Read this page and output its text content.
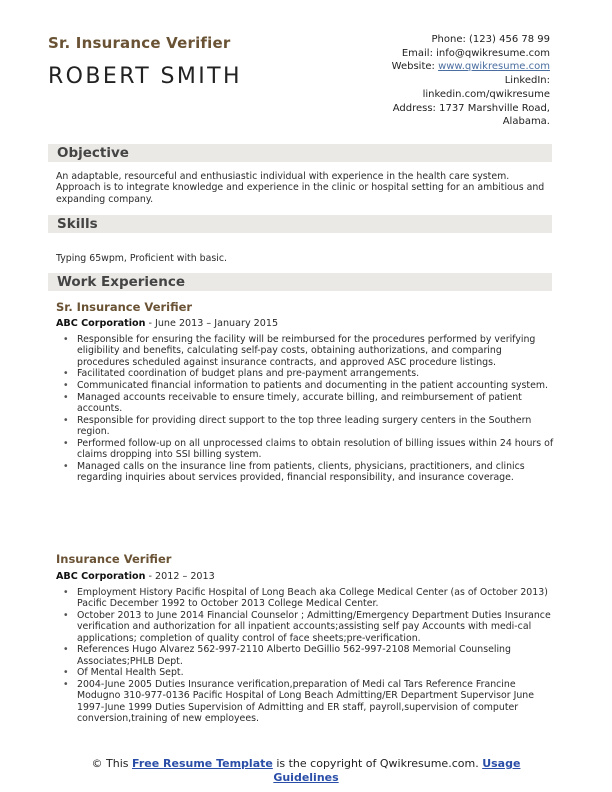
Sr. Insurance Verifier
ROBERT SMITH
Phone: (123) 456 78 99
Email: info@qwikresume.com
Website: www.qwikresume.com
LinkedIn:
linkedin.com/qwikresume
Address: 1737 Marshville Road,
Alabama.
Objective
An adaptable, resourceful and enthusiastic individual with experience in the health care system. Approach is to integrate knowledge and experience in the clinic or hospital setting for an ambitious and expanding company.
Skills
Typing 65wpm, Proficient with basic.
Work Experience
Sr. Insurance Verifier
ABC Corporation - June 2013 – January 2015
• Responsible for ensuring the facility will be reimbursed for the procedures performed by verifying eligibility and benefits, calculating self-pay costs, obtaining authorizations, and comparing procedures scheduled against insurance contracts, and approved ASC procedure listings.
• Facilitated coordination of budget plans and pre-payment arrangements.
• Communicated financial information to patients and documenting in the patient accounting system.
• Managed accounts receivable to ensure timely, accurate billing, and reimbursement of patient accounts.
• Responsible for providing direct support to the top three leading surgery centers in the Southern region.
• Performed follow-up on all unprocessed claims to obtain resolution of billing issues within 24 hours of claims dropping into SSI billing system.
• Managed calls on the insurance line from patients, clients, physicians, practitioners, and clinics regarding inquiries about services provided, financial responsibility, and insurance coverage.
Insurance Verifier
ABC Corporation - 2012 – 2013
• Employment History Pacific Hospital of Long Beach aka College Medical Center (as of October 2013) Pacific December 1992 to October 2013 College Medical Center.
• October 2013 to June 2014 Financial Counselor ; Admitting/Emergency Department Duties Insurance verification and authorization for all inpatient accounts;assisting self pay Accounts with medi-cal applications; completion of quality control of face sheets;pre-verification.
• References Hugo Alvarez 562-997-2110 Alberto DeGillio 562-997-2108 Memorial Counseling Associates;PHLB Dept.
• Of Mental Health Sept.
• 2004-June 2005 Duties Insurance verification,preparation of Medi cal Tars Reference Francine Modugno 310-977-0136 Pacific Hospital of Long Beach Admitting/ER Department Supervisor June 1997-June 1999 Duties Supervision of Admitting and ER staff, payroll,supervision of computer conversion,training of new employees.
© This Free Resume Template is the copyright of Qwikresume.com. Usage
Guidelines
